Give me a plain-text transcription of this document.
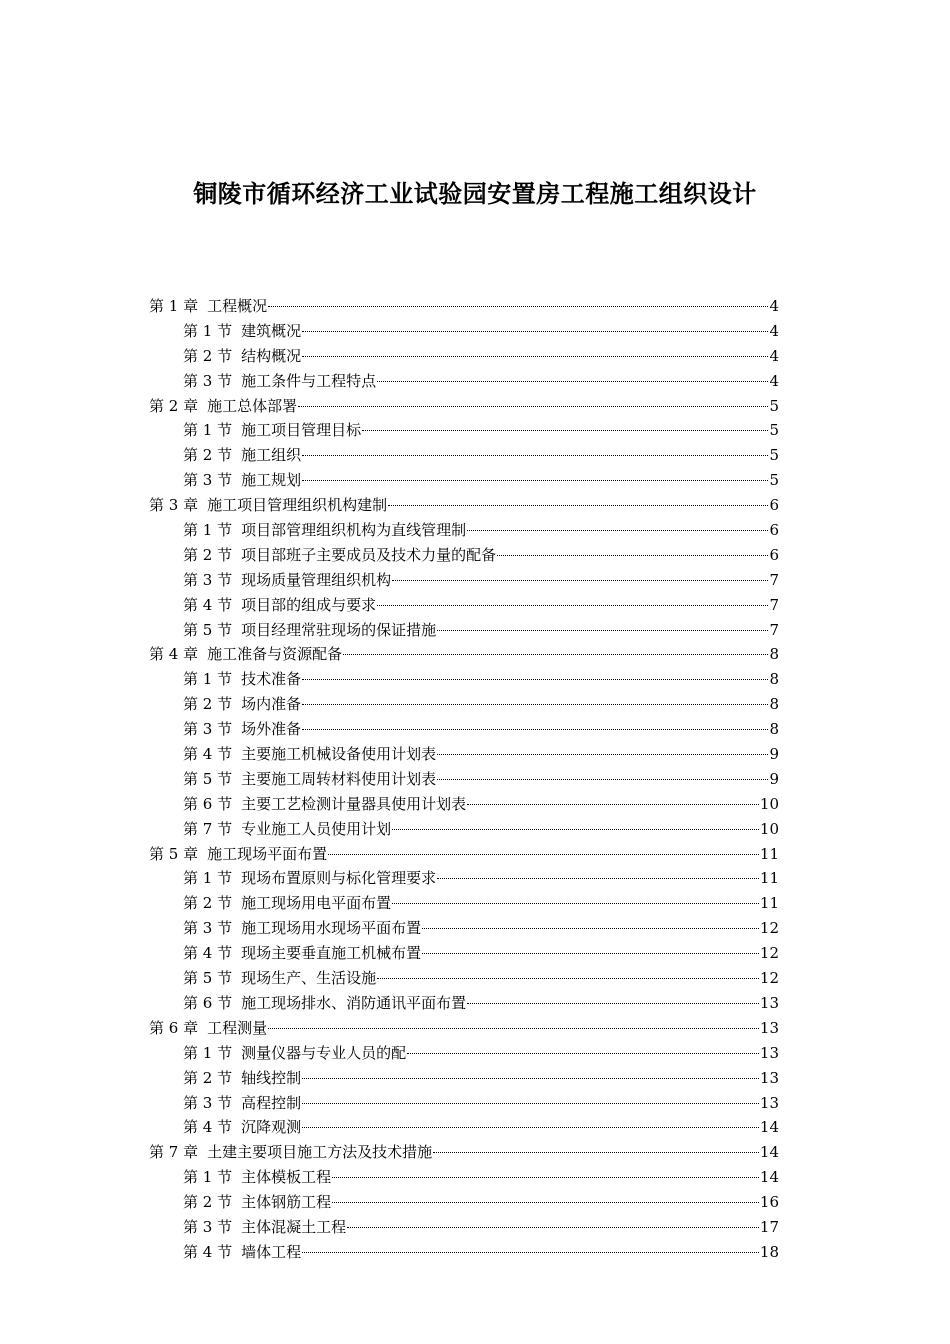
铜陵市循环经济工业试验园安置房工程施工组织设计
第 1 章 工程概况	4
第 1 节 建筑概况	4
第 2 节 结构概况	4
第 3 节 施工条件与工程特点	4
第 2 章 施工总体部署	5
第 1 节 施工项目管理目标	5
第 2 节 施工组织	5
第 3 节 施工规划	5
第 3 章 施工项目管理组织机构建制	6
第 1 节 项目部管理组织机构为直线管理制	6
第 2 节 项目部班子主要成员及技术力量的配备	6
第 3 节 现场质量管理组织机构	7
第 4 节 项目部的组成与要求	7
第 5 节 项目经理常驻现场的保证措施	7
第 4 章 施工准备与资源配备	8
第 1 节 技术准备	8
第 2 节 场内准备	8
第 3 节 场外准备	8
第 4 节 主要施工机械设备使用计划表	9
第 5 节 主要施工周转材料使用计划表	9
第 6 节 主要工艺检测计量器具使用计划表	10
第 7 节 专业施工人员使用计划	10
第 5 章 施工现场平面布置	11
第 1 节 现场布置原则与标化管理要求	11
第 2 节 施工现场用电平面布置	11
第 3 节 施工现场用水现场平面布置	12
第 4 节 现场主要垂直施工机械布置	12
第 5 节 现场生产、生活设施	12
第 6 节 施工现场排水、消防通讯平面布置	13
第 6 章 工程测量	13
第 1 节 测量仪器与专业人员的配	13
第 2 节 轴线控制	13
第 3 节 高程控制	13
第 4 节 沉降观测	14
第 7 章 土建主要项目施工方法及技术措施	14
第 1 节 主体模板工程	14
第 2 节 主体钢筋工程	16
第 3 节 主体混凝土工程	17
第 4 节 墙体工程	18
